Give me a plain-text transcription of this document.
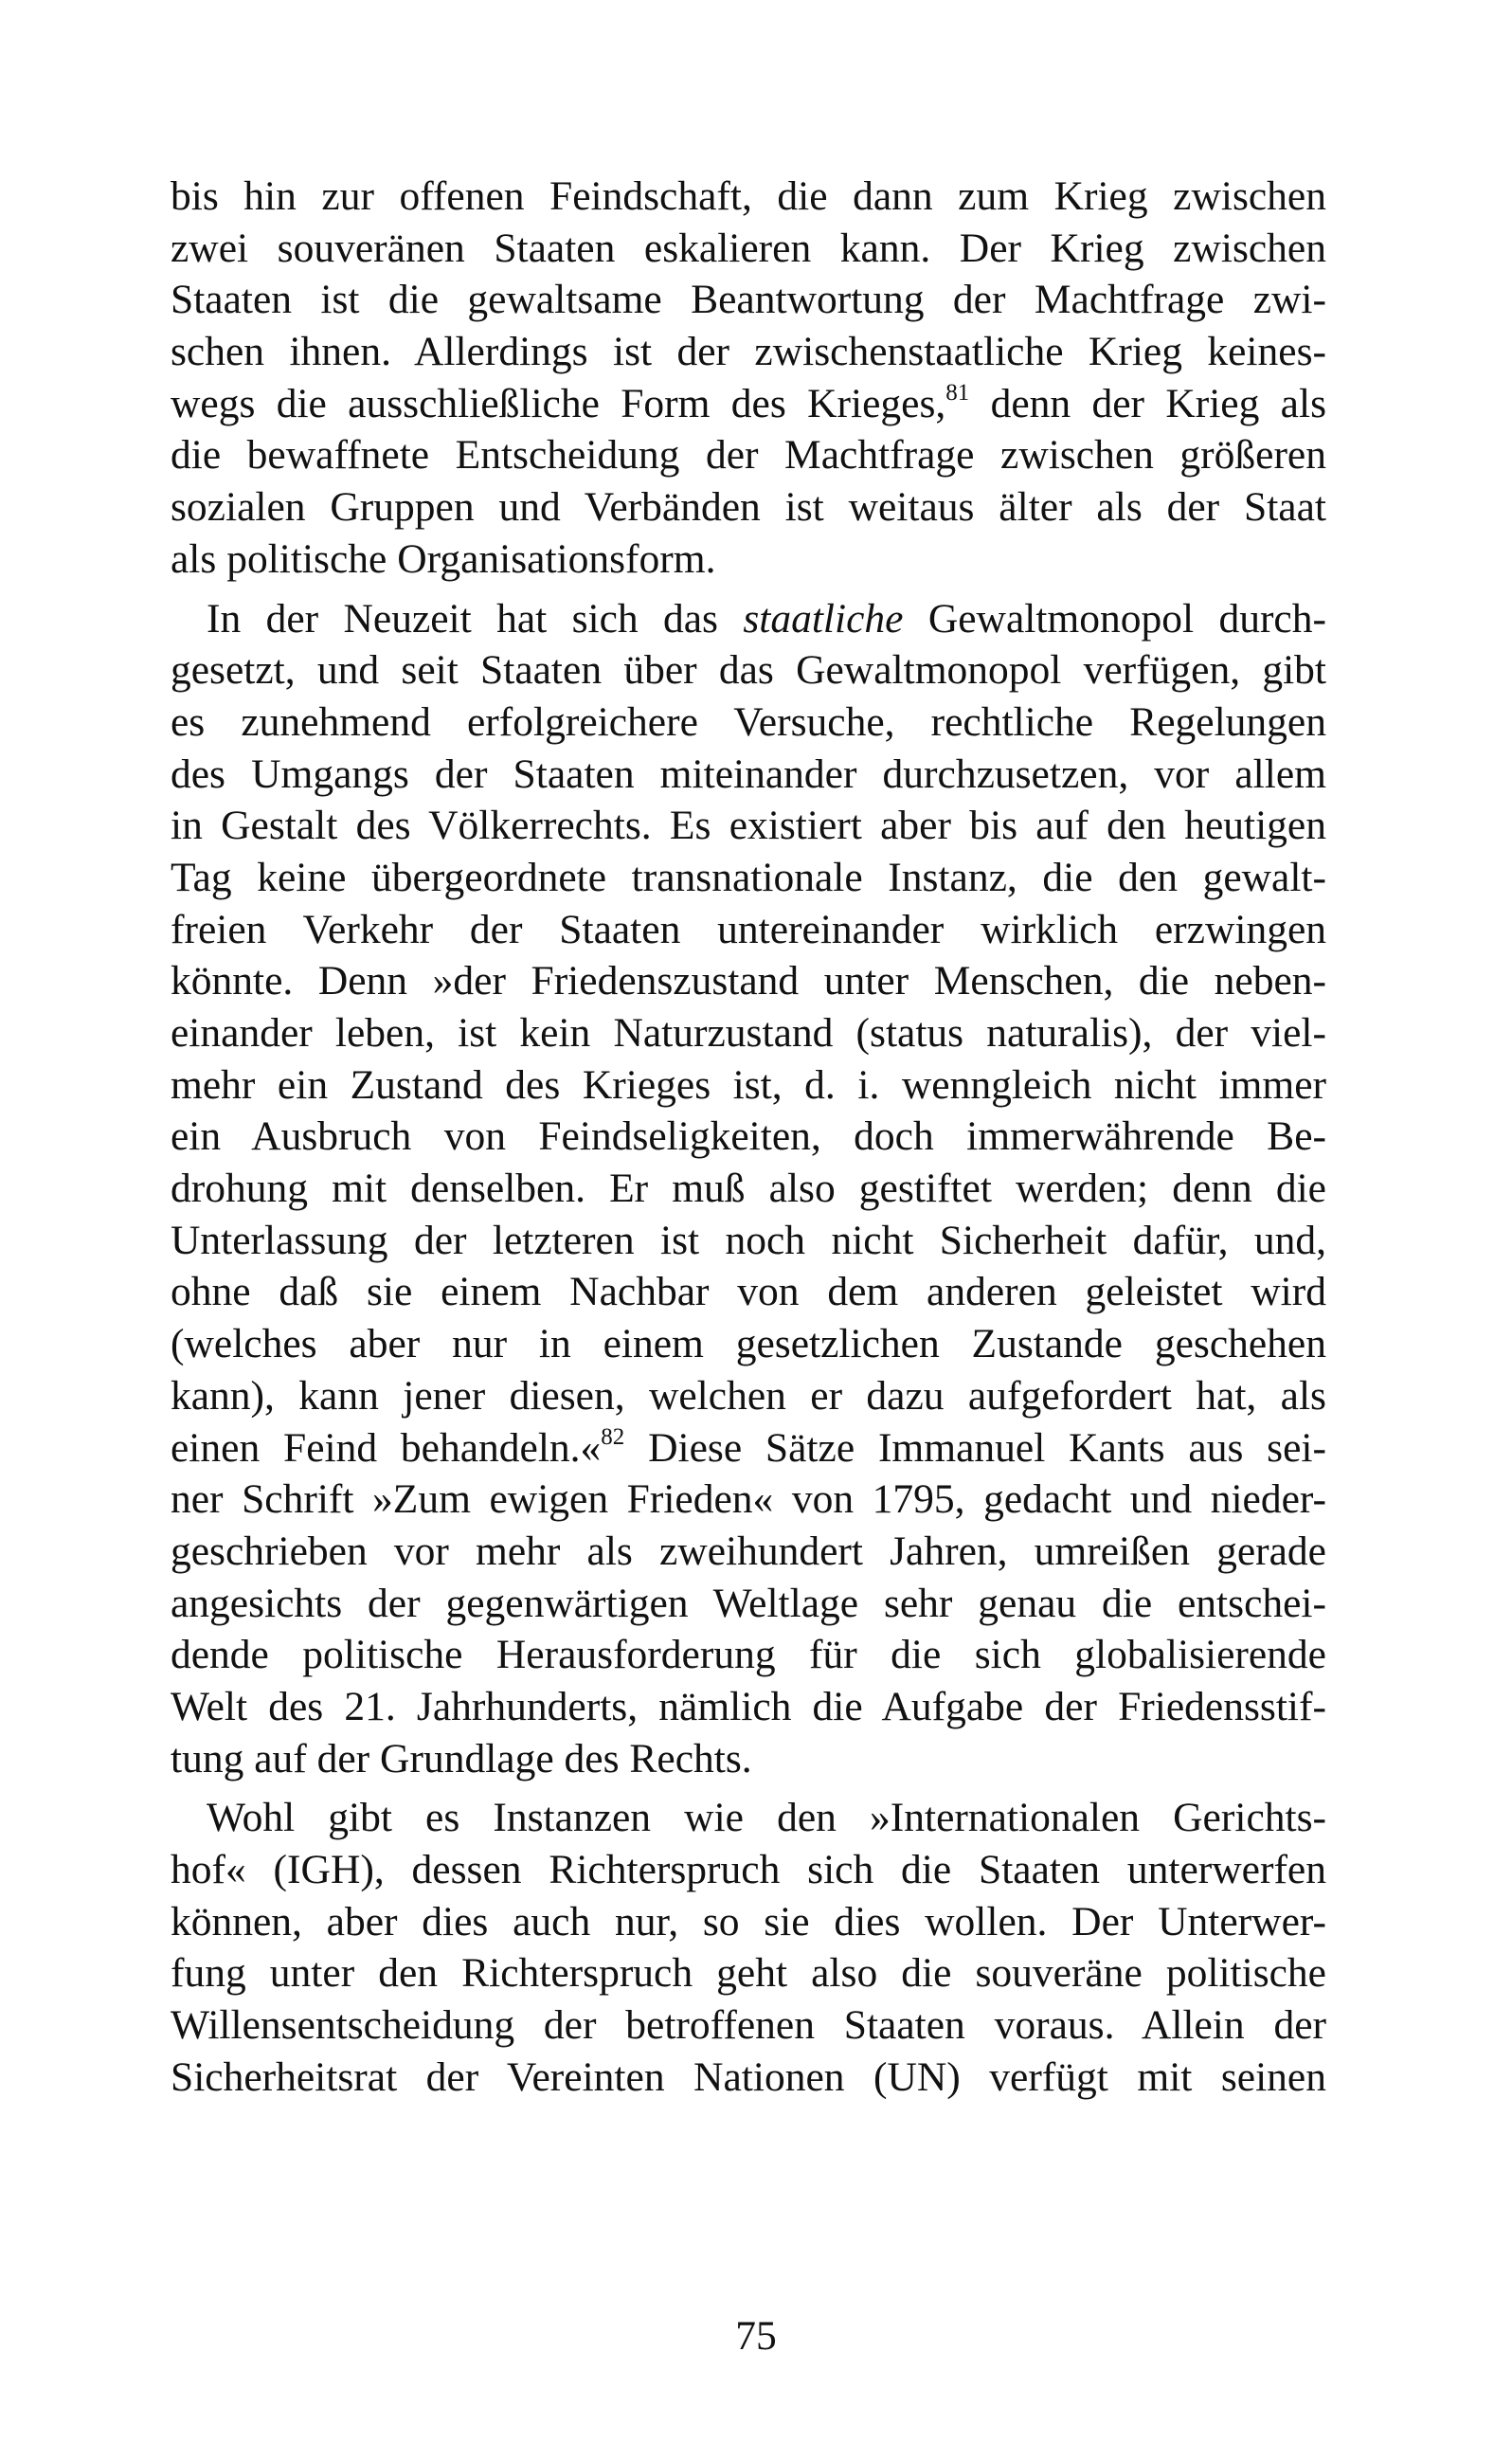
bis hin zur offenen Feindschaft, die dann zum Krieg zwischen
zwei souveränen Staaten eskalieren kann. Der Krieg zwischen
Staaten ist die gewaltsame Beantwortung der Machtfrage zwi-
schen ihnen. Allerdings ist der zwischenstaatliche Krieg keines-
wegs die ausschließliche Form des Krieges,$^{81}$ denn der Krieg als
die bewaffnete Entscheidung der Machtfrage zwischen größeren
sozialen Gruppen und Verbänden ist weitaus älter als der Staat
als politische Organisationsform.

In der Neuzeit hat sich das staatliche Gewaltmonopol durch-
gesetzt, und seit Staaten über das Gewaltmonopol verfügen, gibt
es zunehmend erfolgreichere Versuche, rechtliche Regelungen
des Umgangs der Staaten miteinander durchzusetzen, vor allem
in Gestalt des Völkerrechts. Es existiert aber bis auf den heutigen
Tag keine übergeordnete transnationale Instanz, die den gewalt-
freien Verkehr der Staaten untereinander wirklich erzwingen
könnte. Denn »der Friedenszustand unter Menschen, die neben-
einander leben, ist kein Naturzustand (status naturalis), der viel-
mehr ein Zustand des Krieges ist, d. i. wenngleich nicht immer
ein Ausbruch von Feindseligkeiten, doch immerwährende Be-
drohung mit denselben. Er muß also gestiftet werden; denn die
Unterlassung der letzteren ist noch nicht Sicherheit dafür, und,
ohne daß sie einem Nachbar von dem anderen geleistet wird
(welches aber nur in einem gesetzlichen Zustande geschehen
kann), kann jener diesen, welchen er dazu aufgefordert hat, als
einen Feind behandeln.«$^{82}$ Diese Sätze Immanuel Kants aus sei-
ner Schrift »Zum ewigen Frieden« von 1795, gedacht und nieder-
geschrieben vor mehr als zweihundert Jahren, umreißen gerade
angesichts der gegenwärtigen Weltlage sehr genau die entschei-
dende politische Herausforderung für die sich globalisierende
Welt des 21. Jahrhunderts, nämlich die Aufgabe der Friedensstif-
tung auf der Grundlage des Rechts.

Wohl gibt es Instanzen wie den »Internationalen Gerichts-
hof« (IGH), dessen Richterspruch sich die Staaten unterwerfen
können, aber dies auch nur, so sie dies wollen. Der Unterwer-
fung unter den Richterspruch geht also die souveräne politische
Willensentscheidung der betroffenen Staaten voraus. Allein der
Sicherheitsrat der Vereinten Nationen (UN) verfügt mit seinen

75
